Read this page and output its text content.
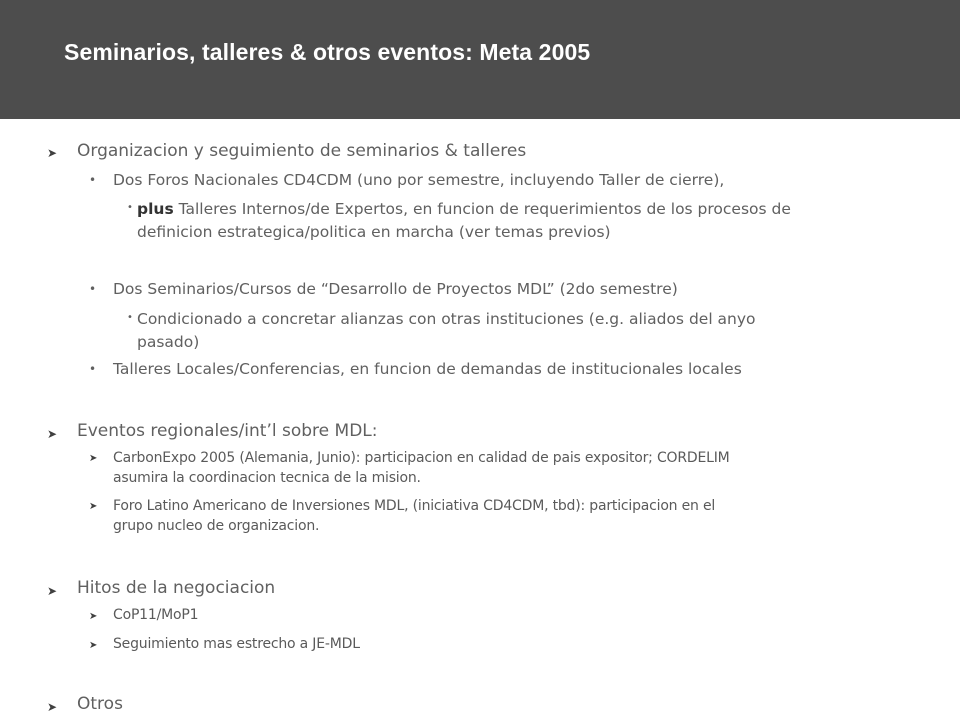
Seminarios, talleres & otros eventos: Meta 2005
➤ Organizacion y seguimiento de seminarios & talleres
• Dos Foros Nacionales CD4CDM (uno por semestre, incluyendo Taller de cierre),
• plus Talleres Internos/de Expertos, en funcion de requerimientos de los procesos de
definicion estrategica/politica en marcha (ver temas previos)
• Dos Seminarios/Cursos de “Desarrollo de Proyectos MDL” (2do semestre)
• Condicionado a concretar alianzas con otras instituciones (e.g. aliados del anyo
pasado)
• Talleres Locales/Conferencias, en funcion de demandas de institucionales locales
➤ Eventos regionales/int’l sobre MDL:
➤ CarbonExpo 2005 (Alemania, Junio): participacion en calidad de pais expositor; CORDELIM
asumira la coordinacion tecnica de la mision.
➤ Foro Latino Americano de Inversiones MDL, (iniciativa CD4CDM, tbd): participacion en el
grupo nucleo de organizacion.
➤ Hitos de la negociacion
➤ CoP11/MoP1
➤ Seguimiento mas estrecho a JE-MDL
➤ Otros
